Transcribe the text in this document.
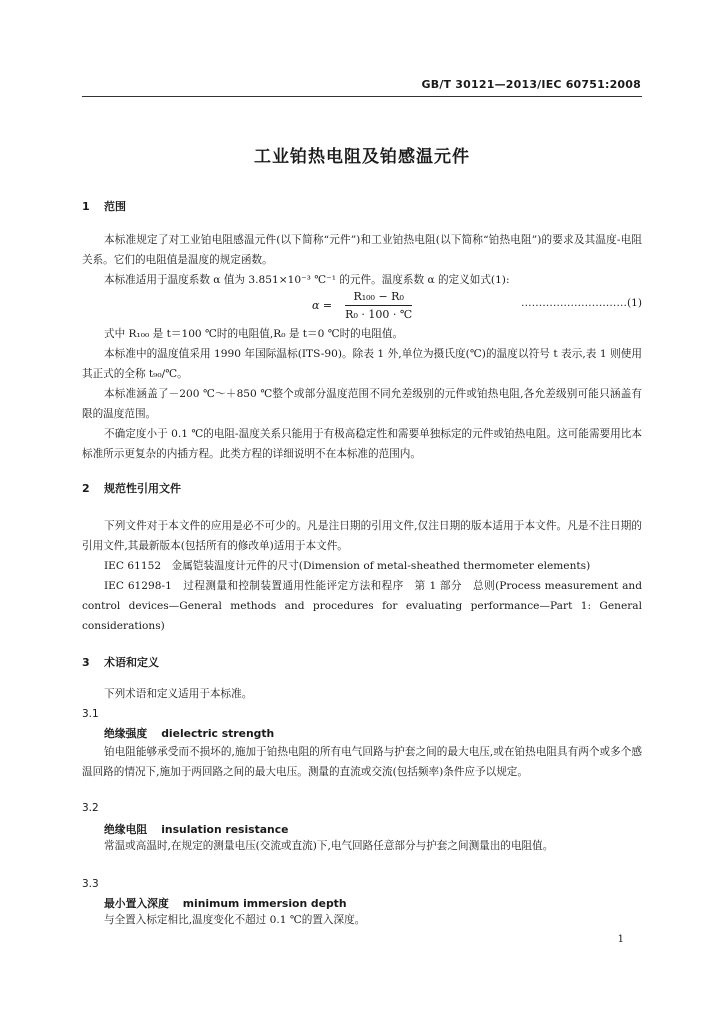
GB/T 30121—2013/IEC 60751:2008
工业铂热电阻及铂感温元件
1 范围
本标准规定了对工业铂电阻感温元件(以下简称“元件”)和工业铂热电阻(以下简称“铂热电阻”)的要求及其温度-电阻关系。它们的电阻值是温度的规定函数。
本标准适用于温度系数 α 值为 3.851×10⁻³ ℃⁻¹ 的元件。温度系数 α 的定义如式(1):
$\alpha = \frac{\text{R₁₀₀ − R₀}}{\text{R₀ · 100 · ℃}}$	…………………………(1)
式中 R₁₀₀ 是 t＝100 ℃时的电阻值,R₀ 是 t＝0 ℃时的电阻值。
本标准中的温度值采用 1990 年国际温标(ITS-90)。除表 1 外,单位为摄氏度(℃)的温度以符号 t 表示,表 1 则使用其正式的全称 t₉₀/℃。
本标准涵盖了－200 ℃～＋850 ℃整个或部分温度范围不同允差级别的元件或铂热电阻,各允差级别可能只涵盖有限的温度范围。
不确定度小于 0.1 ℃的电阻-温度关系只能用于有极高稳定性和需要单独标定的元件或铂热电阻。这可能需要用比本标准所示更复杂的内插方程。此类方程的详细说明不在本标准的范围内。
2 规范性引用文件
下列文件对于本文件的应用是必不可少的。凡是注日期的引用文件,仅注日期的版本适用于本文件。凡是不注日期的引用文件,其最新版本(包括所有的修改单)适用于本文件。
IEC 61152　金属铠装温度计元件的尺寸(Dimension of metal-sheathed thermometer elements)
IEC 61298-1　过程测量和控制装置通用性能评定方法和程序　第 1 部分　总则(Process measurement and control devices—General methods and procedures for evaluating performance—Part 1: General considerations)
3 术语和定义
下列术语和定义适用于本标准。
3.1
绝缘强度 dielectric strength
铂电阻能够承受而不损坏的,施加于铂热电阻的所有电气回路与护套之间的最大电压,或在铂热电阻具有两个或多个感温回路的情况下,施加于两回路之间的最大电压。测量的直流或交流(包括频率)条件应予以规定。
3.2
绝缘电阻 insulation resistance
常温或高温时,在规定的测量电压(交流或直流)下,电气回路任意部分与护套之间测量出的电阻值。
3.3
最小置入深度 minimum immersion depth
与全置入标定相比,温度变化不超过 0.1 ℃的置入深度。
1
